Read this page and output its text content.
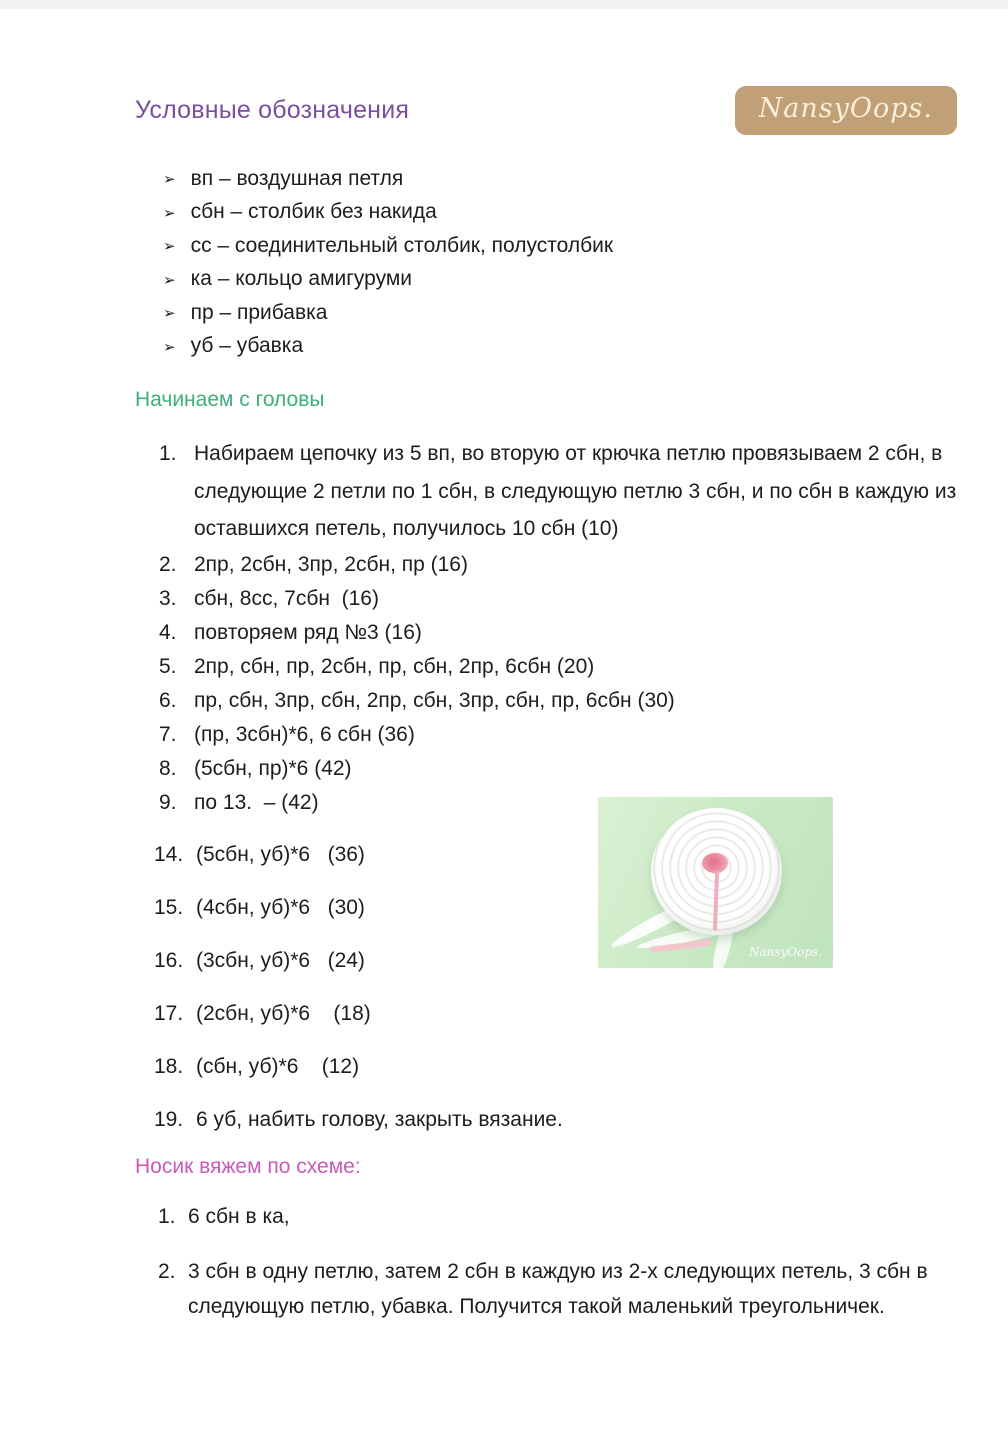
Условные обозначения	NansyOops.
➢ вп – воздушная петля
➢ сбн – столбик без накида
➢ сс – соединительный столбик, полустолбик
➢ ка – кольцо амигуруми
➢ пр – прибавка
➢ уб – убавка
Начинаем с головы
1. Набираем цепочку из 5 вп, во вторую от крючка петлю провязываем 2 сбн, в следующие 2 петли по 1 сбн, в следующую петлю 3 сбн, и по сбн в каждую из оставшихся петель, получилось 10 сбн (10)
2. 2пр, 2сбн, 3пр, 2сбн, пр (16)
3. сбн, 8сс, 7сбн  (16)
4. повторяем ряд №3 (16)
5. 2пр, сбн, пр, 2сбн, пр, сбн, 2пр, 6сбн (20)
6. пр, сбн, 3пр, сбн, 2пр, сбн, 3пр, сбн, пр, 6сбн (30)
7. (пр, 3сбн)*6, 6 сбн (36)
8. (5сбн, пр)*6 (42)
9. по 13.  – (42)
14. (5сбн, уб)*6   (36)
15. (4сбн, уб)*6   (30)
16. (3сбн, уб)*6   (24)
17. (2сбн, уб)*6    (18)
18. (сбн, уб)*6    (12)
19. 6 уб, набить голову, закрыть вязание.
Носик вяжем по схеме:
1. 6 сбн в ка,
2. 3 сбн в одну петлю, затем 2 сбн в каждую из 2-х следующих петель, 3 сбн в следующую петлю, убавка. Получится такой маленький треугольничек.
NansyOops.
